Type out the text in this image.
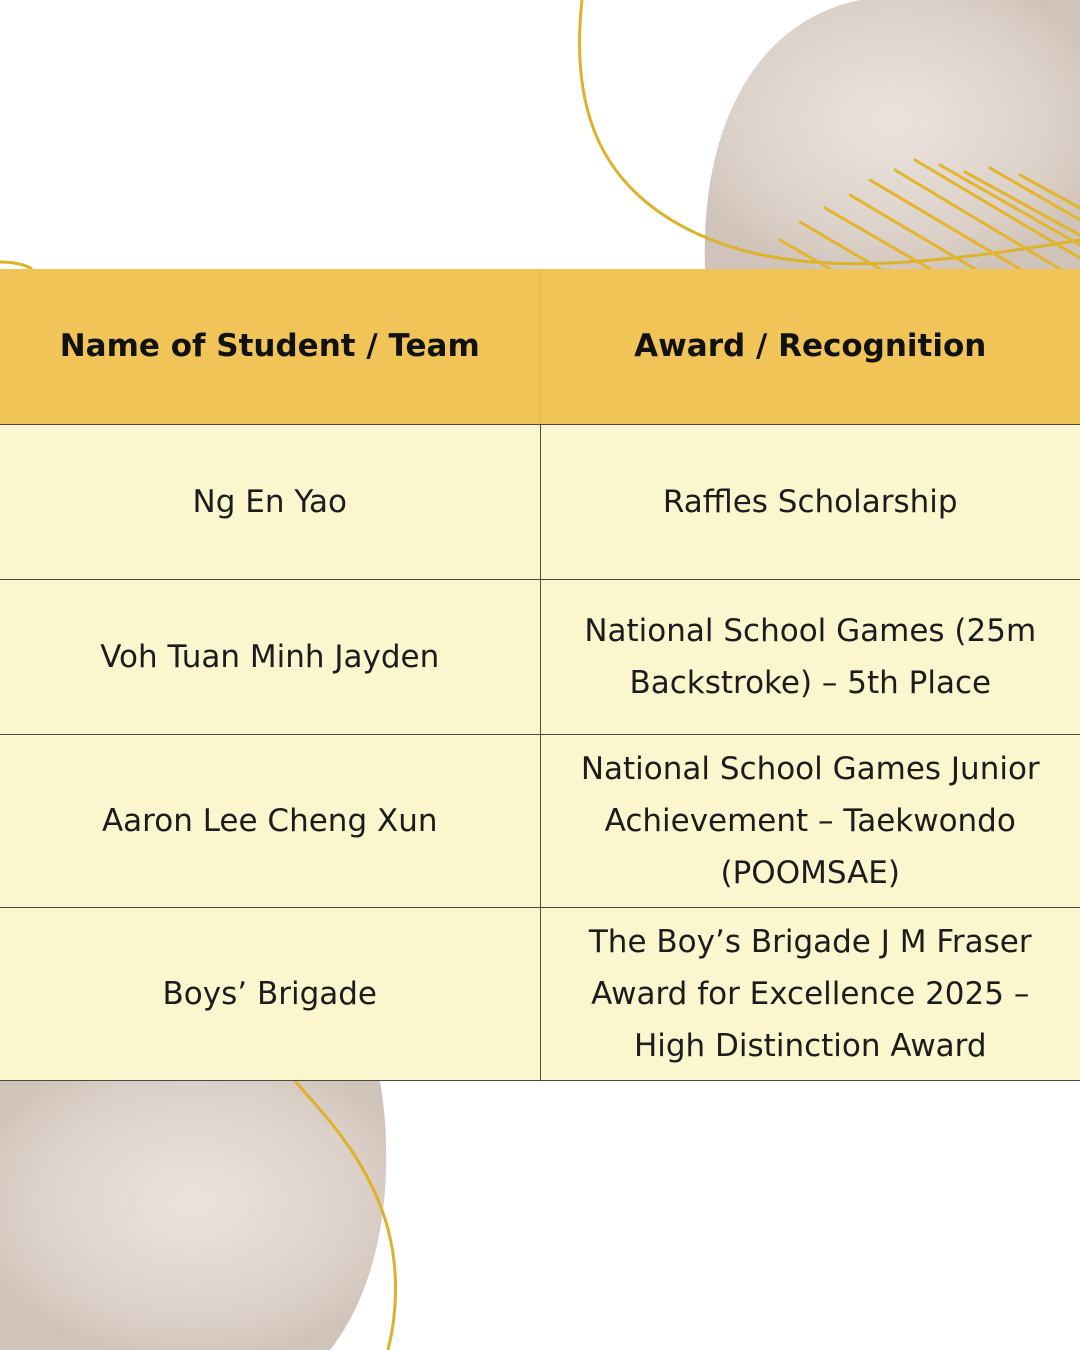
Name of Student / Team	Award / Recognition
Ng En Yao	Raffles Scholarship
Voh Tuan Minh Jayden	National School Games (25m Backstroke) – 5th Place
Aaron Lee Cheng Xun	National School Games Junior Achievement – Taekwondo (POOMSAE)
Boys’ Brigade	The Boy’s Brigade J M Fraser Award for Excellence 2025 – High Distinction Award
